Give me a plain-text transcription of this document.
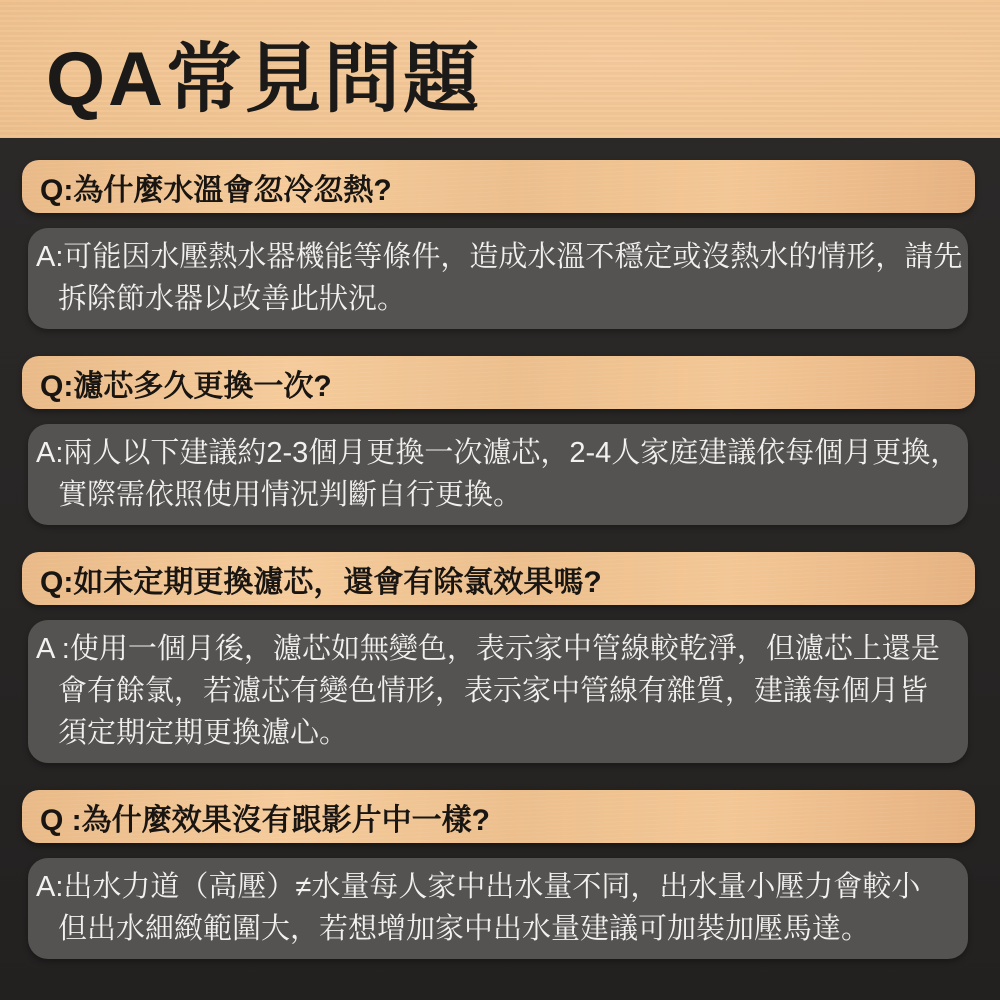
QA常見問題
Q:為什麼水溫會忽冷忽熱?
A:可能因水壓熱水器機能等條件，造成水溫不穩定或沒熱水的情形，請先
拆除節水器以改善此狀況。
Q:濾芯多久更換一次?
A:兩人以下建議約2-3個月更換一次濾芯，2-4人家庭建議依每個月更換，
實際需依照使用情況判斷自行更換。
Q:如未定期更換濾芯，還會有除氯效果嗎?
A :使用一個月後，濾芯如無變色，表示家中管線較乾淨，但濾芯上還是
會有餘氯，若濾芯有變色情形，表示家中管線有雜質，建議每個月皆
須定期定期更換濾心。
Q :為什麼效果沒有跟影片中一樣?
A:出水力道（高壓）≠水量每人家中出水量不同，出水量小壓力會較小
但出水細緻範圍大，若想增加家中出水量建議可加裝加壓馬達。
